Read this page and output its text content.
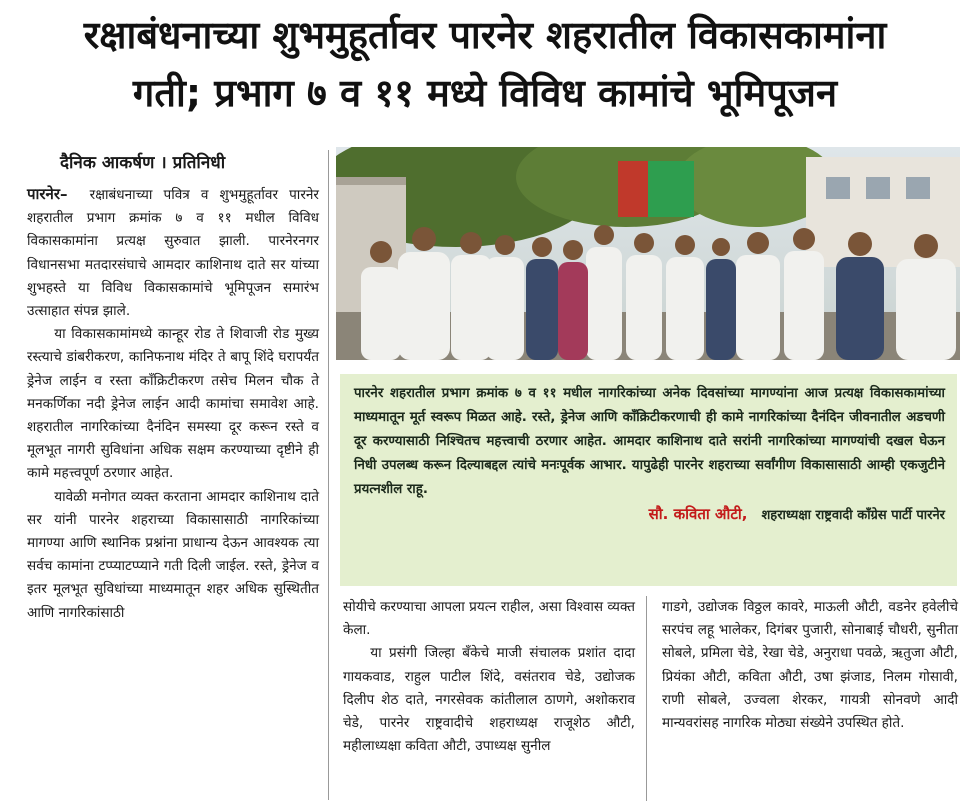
रक्षाबंधनाच्या शुभमुहूर्तावर पारनेर शहरातील विकासकामांना
गती; प्रभाग ७ व ११ मध्ये विविध कामांचे भूमिपूजन
दैनिक आकर्षण । प्रतिनिधी

पारनेर– रक्षाबंधनाच्या पवित्र व शुभमुहूर्तावर पारनेर शहरातील प्रभाग क्रमांक ७ व ११ मधील विविध विकासकामांना प्रत्यक्ष सुरुवात झाली. पारनेरनगर विधानसभा मतदारसंघाचे आमदार काशिनाथ दाते सर यांच्या शुभहस्ते या विविध विकासकामांचे भूमिपूजन समारंभ उत्साहात संपन्न झाले.

या विकासकामांमध्ये कान्हूर रोड ते शिवाजी रोड मुख्य रस्त्याचे डांबरीकरण, कानिफनाथ मंदिर ते बापू शिंदे घरापर्यंत ड्रेनेज लाईन व रस्ता कॉंक्रिटीकरण तसेच मिलन चौक ते मनकर्णिका नदी ड्रेनेज लाईन आदी कामांचा समावेश आहे. शहरातील नागरिकांच्या दैनंदिन समस्या दूर करून रस्ते व मूलभूत नागरी सुविधांना अधिक सक्षम करण्याच्या दृष्टीने ही कामे महत्त्वपूर्ण ठरणार आहेत.

यावेळी मनोगत व्यक्त करताना आमदार काशिनाथ दाते सर यांनी पारनेर शहराच्या विकासासाठी नागरिकांच्या मागण्या आणि स्थानिक प्रश्नांना प्राधान्य देऊन आवश्यक त्या सर्वच कामांना टप्प्याटप्प्याने गती दिली जाईल. रस्ते, ड्रेनेज व इतर मूलभूत सुविधांच्या माध्यमातून शहर अधिक सुस्थितीत आणि नागरिकांसाठी

पारनेर शहरातील प्रभाग क्रमांक ७ व ११ मधील नागरिकांच्या अनेक दिवसांच्या मागण्यांना आज प्रत्यक्ष विकासकामांच्या माध्यमातून मूर्त स्वरूप मिळत आहे. रस्ते, ड्रेनेज आणि कॉंक्रिटीकरणाची ही कामे नागरिकांच्या दैनंदिन जीवनातील अडचणी दूर करण्यासाठी निश्चितच महत्त्वाची ठरणार आहेत. आमदार काशिनाथ दाते सरांनी नागरिकांच्या मागण्यांची दखल घेऊन निधी उपलब्ध करून दिल्याबद्दल त्यांचे मनःपूर्वक आभार. यापुढेही पारनेर शहराच्या सर्वांगीण विकासासाठी आम्ही एकजुटीने प्रयत्नशील राहू.
सौ. कविता औटी, शहराध्यक्षा राष्ट्रवादी कॉंग्रेस पार्टी पारनेर

सोयीचे करण्याचा आपला प्रयत्न राहील, असा विश्वास व्यक्त केला.

या प्रसंगी जिल्हा बँकेचे माजी संचालक प्रशांत दादा गायकवाड, राहुल पाटील शिंदे, वसंतराव चेडे, उद्योजक दिलीप शेठ दाते, नगरसेवक कांतीलाल ठाणगे, अशोकराव चेडे, पारनेर राष्ट्रवादीचे शहराध्यक्ष राजूशेठ औटी, महीलाध्यक्षा कविता औटी, उपाध्यक्ष सुनील

गाडगे, उद्योजक विठ्ठल कावरे, माऊली औटी, वडनेर हवेलीचे सरपंच लहू भालेकर, दिगंबर पुजारी, सोनाबाई चौधरी, सुनीता सोबले, प्रमिला चेडे, रेखा चेडे, अनुराधा पवळे, ऋतुजा औटी, प्रियंका औटी, कविता औटी, उषा झंजाड, निलम गोसावी, राणी सोबले, उज्वला शेरकर, गायत्री सोनवणे आदी मान्यवरांसह नागरिक मोठ्या संख्येने उपस्थित होते.
